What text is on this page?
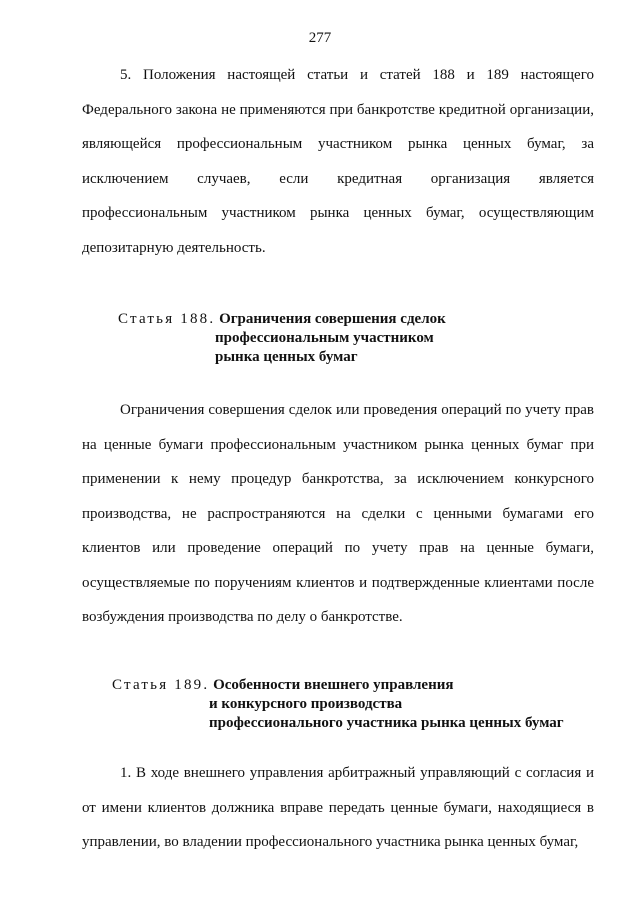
277

5. Положения настоящей статьи и статей 188 и 189 настоящего Федерального закона не применяются при банкротстве кредитной организации, являющейся профессиональным участником рынка ценных бумаг, за исключением случаев, если кредитная организация является профессиональным участником рынка ценных бумаг, осуществляющим депозитарную деятельность.

Статья 188. Ограничения совершения сделок
профессиональным участником
рынка ценных бумаг

Ограничения совершения сделок или проведения операций по учету прав на ценные бумаги профессиональным участником рынка ценных бумаг при применении к нему процедур банкротства, за исключением конкурсного производства, не распространяются на сделки с ценными бумагами его клиентов или проведение операций по учету прав на ценные бумаги, осуществляемые по поручениям клиентов и подтвержденные клиентами после возбуждения производства по делу о банкротстве.

Статья 189. Особенности внешнего управления
и конкурсного производства
профессионального участника рынка ценных бумаг

1. В ходе внешнего управления арбитражный управляющий с согласия и от имени клиентов должника вправе передать ценные бумаги, находящиеся в управлении, во владении профессионального участника рынка ценных бумаг,
